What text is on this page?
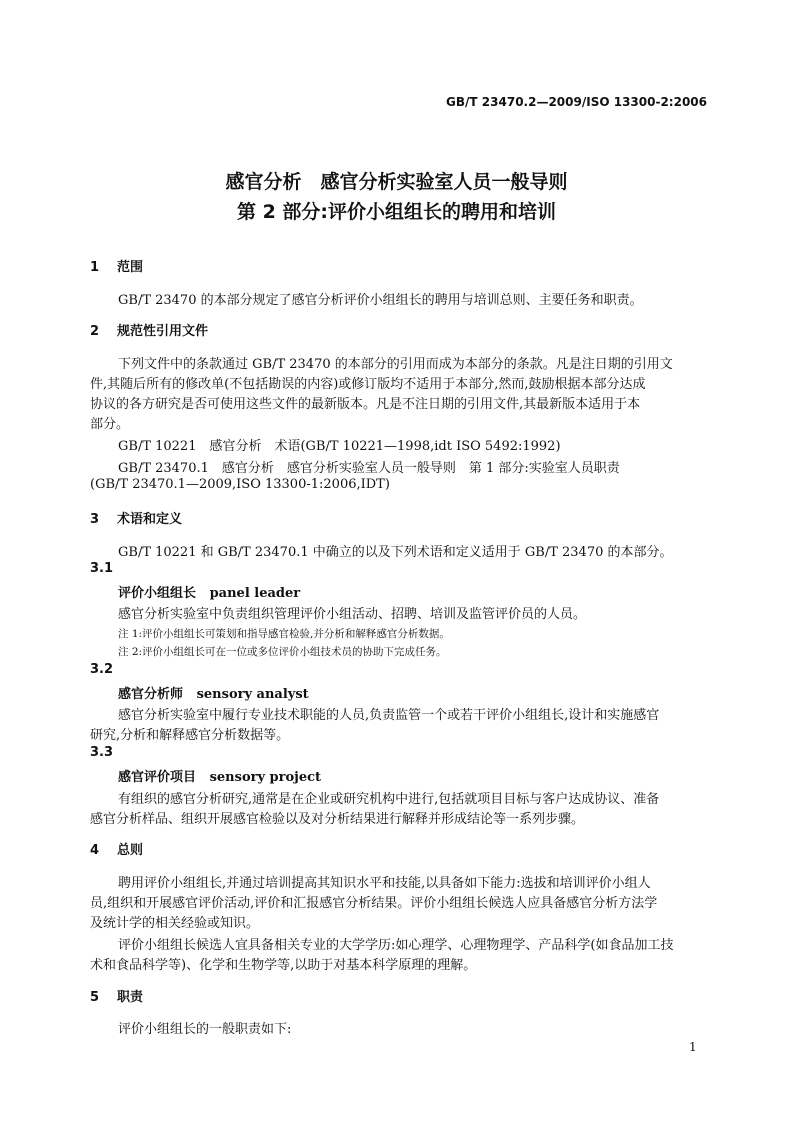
GB/T 23470.2—2009/ISO 13300-2:2006
感官分析　感官分析实验室人员一般导则
第 2 部分:评价小组组长的聘用和培训
1 范围
GB/T 23470 的本部分规定了感官分析评价小组组长的聘用与培训总则、主要任务和职责。
2 规范性引用文件
下列文件中的条款通过 GB/T 23470 的本部分的引用而成为本部分的条款。凡是注日期的引用文
件,其随后所有的修改单(不包括勘误的内容)或修订版均不适用于本部分,然而,鼓励根据本部分达成
协议的各方研究是否可使用这些文件的最新版本。凡是不注日期的引用文件,其最新版本适用于本
部分。
GB/T 10221　感官分析　术语(GB/T 10221—1998,idt ISO 5492:1992)
GB/T 23470.1　感官分析　感官分析实验室人员一般导则　第 1 部分:实验室人员职责
(GB/T 23470.1—2009,ISO 13300-1:2006,IDT)
3 术语和定义
GB/T 10221 和 GB/T 23470.1 中确立的以及下列术语和定义适用于 GB/T 23470 的本部分。
3.1
评价小组组长 panel leader
感官分析实验室中负责组织管理评价小组活动、招聘、培训及监管评价员的人员。
注 1:评价小组组长可策划和指导感官检验,并分析和解释感官分析数据。
注 2:评价小组组长可在一位或多位评价小组技术员的协助下完成任务。
3.2
感官分析师 sensory analyst
感官分析实验室中履行专业技术职能的人员,负责监管一个或若干评价小组组长,设计和实施感官
研究,分析和解释感官分析数据等。
3.3
感官评价项目 sensory project
有组织的感官分析研究,通常是在企业或研究机构中进行,包括就项目目标与客户达成协议、准备
感官分析样品、组织开展感官检验以及对分析结果进行解释并形成结论等一系列步骤。
4 总则
聘用评价小组组长,并通过培训提高其知识水平和技能,以具备如下能力:选拔和培训评价小组人
员,组织和开展感官评价活动,评价和汇报感官分析结果。评价小组组长候选人应具备感官分析方法学
及统计学的相关经验或知识。
评价小组组长候选人宜具备相关专业的大学学历:如心理学、心理物理学、产品科学(如食品加工技
术和食品科学等)、化学和生物学等,以助于对基本科学原理的理解。
5 职责
评价小组组长的一般职责如下:
1
